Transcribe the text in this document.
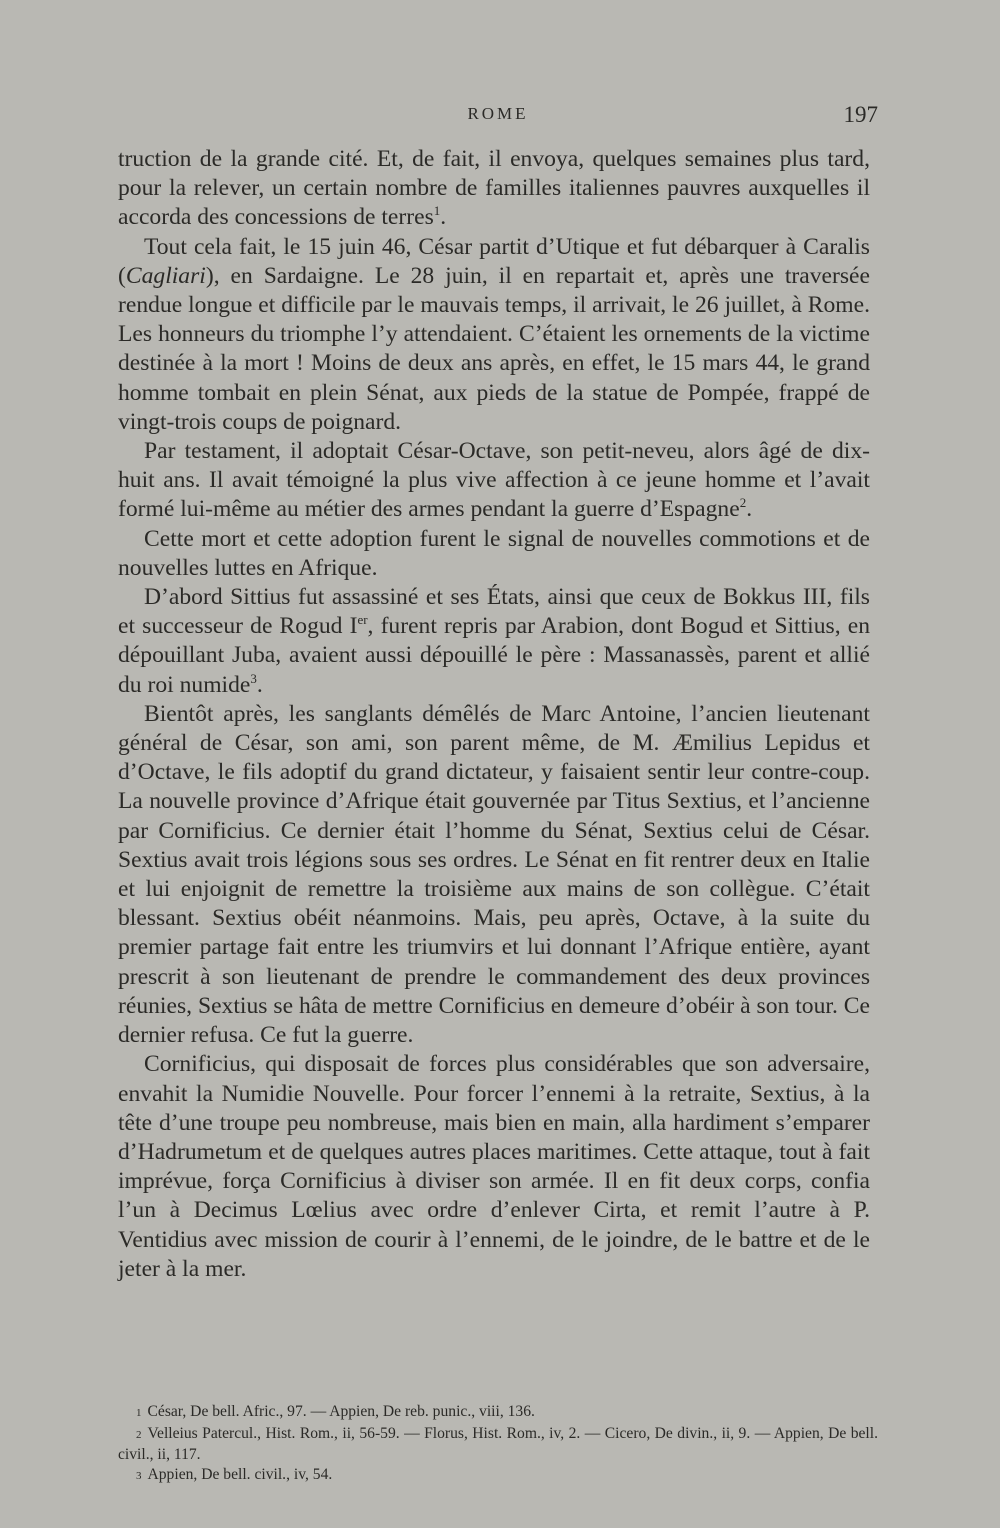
ROME	197

truction de la grande cité. Et, de fait, il envoya, quelques semaines plus tard, pour la relever, un certain nombre de familles italiennes pauvres auxquelles il accorda des concessions de terres$^1$.

Tout cela fait, le 15 juin 46, César partit d’Utique et fut débarquer à Caralis (Cagliari), en Sardaigne. Le 28 juin, il en repartait et, après une traversée rendue longue et difficile par le mauvais temps, il arrivait, le 26 juillet, à Rome. Les honneurs du triomphe l’y attendaient. C’étaient les ornements de la victime destinée à la mort ! Moins de deux ans après, en effet, le 15 mars 44, le grand homme tombait en plein Sénat, aux pieds de la statue de Pompée, frappé de vingt-trois coups de poignard.

Par testament, il adoptait César-Octave, son petit-neveu, alors âgé de dix-huit ans. Il avait témoigné la plus vive affection à ce jeune homme et l’avait formé lui-même au métier des armes pendant la guerre d’Espagne$^2$.

Cette mort et cette adoption furent le signal de nouvelles commotions et de nouvelles luttes en Afrique.

D’abord Sittius fut assassiné et ses États, ainsi que ceux de Bokkus III, fils et successeur de Rogud Ier, furent repris par Arabion, dont Bogud et Sittius, en dépouillant Juba, avaient aussi dépouillé le père : Massanassès, parent et allié du roi numide$^3$.

Bientôt après, les sanglants démêlés de Marc Antoine, l’ancien lieutenant général de César, son ami, son parent même, de M. Æmilius Lepidus et d’Octave, le fils adoptif du grand dictateur, y faisaient sentir leur contre-coup. La nouvelle province d’Afrique était gouvernée par Titus Sextius, et l’ancienne par Cornificius. Ce dernier était l’homme du Sénat, Sextius celui de César. Sextius avait trois légions sous ses ordres. Le Sénat en fit rentrer deux en Italie et lui enjoignit de remettre la troisième aux mains de son collègue. C’était blessant. Sextius obéit néanmoins. Mais, peu après, Octave, à la suite du premier partage fait entre les triumvirs et lui donnant l’Afrique entière, ayant prescrit à son lieutenant de prendre le commandement des deux provinces réunies, Sextius se hâta de mettre Cornificius en demeure d’obéir à son tour. Ce dernier refusa. Ce fut la guerre.

Cornificius, qui disposait de forces plus considérables que son adversaire, envahit la Numidie Nouvelle. Pour forcer l’ennemi à la retraite, Sextius, à la tête d’une troupe peu nombreuse, mais bien en main, alla hardiment s’emparer d’Hadrumetum et de quelques autres places maritimes. Cette attaque, tout à fait imprévue, força Cornificius à diviser son armée. Il en fit deux corps, confia l’un à Decimus Lœlius avec ordre d’enlever Cirta, et remit l’autre à P. Ventidius avec mission de courir à l’ennemi, de le joindre, de le battre et de le jeter à la mer.

1 César, De bell. Afric., 97. — Appien, De reb. punic., viii, 136.

2 Velleius Patercul., Hist. Rom., ii, 56-59. — Florus, Hist. Rom., iv, 2. — Cicero, De divin., ii, 9. — Appien, De bell. civil., ii, 117.

3 Appien, De bell. civil., iv, 54.
